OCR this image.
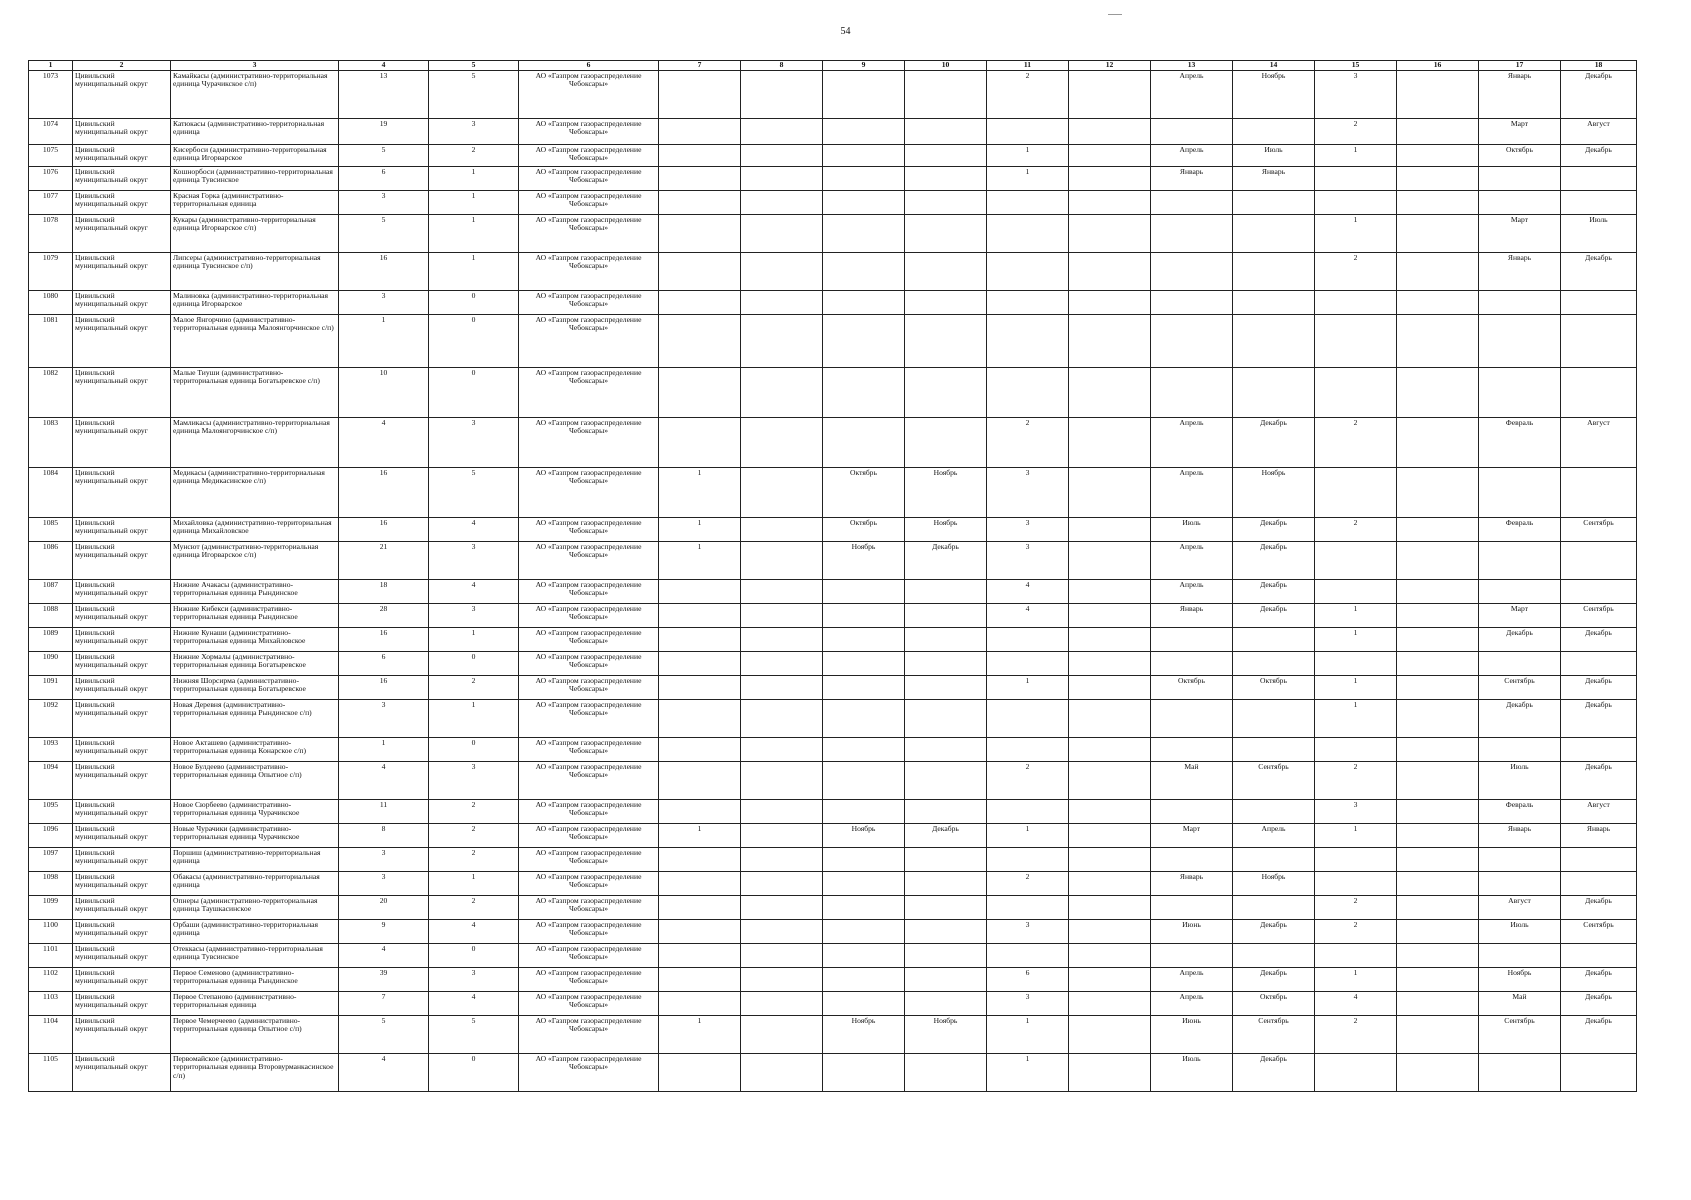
54
1	2	3	4	5	6	7	8	9	10	11	12	13	14	15	16	17	18
1073	Цивильский муниципальный округ	Камайкасы (административно-территориальная единица Чурачикское с/п)	13	5	АО «Газпром газораспределение Чебоксары»					2		Апрель	Ноябрь	3		Январь	Декабрь
1074	Цивильский муниципальный округ	Катюкасы (административно-территориальная единица	19	3	АО «Газпром газораспределение Чебоксары»									2		Март	Август
1075	Цивильский муниципальный округ	Кисербоси (административно-территориальная единица Игорварское	5	2	АО «Газпром газораспределение Чебоксары»					1		Апрель	Июль	1		Октябрь	Декабрь
1076	Цивильский муниципальный округ	Кошнорбоси (административно-территориальная единица Тувсинское	6	1	АО «Газпром газораспределение Чебоксары»					1		Январь	Январь				
1077	Цивильский муниципальный округ	Красная Горка (административно-территориальная единица	3	1	АО «Газпром газораспределение Чебоксары»												
1078	Цивильский муниципальный округ	Кукары (административно-территориальная единица Игорварское с/п)	5	1	АО «Газпром газораспределение Чебоксары»									1		Март	Июль
1079	Цивильский муниципальный округ	Липсеры (административно-территориальная единица Тувсинское с/п)	16	1	АО «Газпром газораспределение Чебоксары»									2		Январь	Декабрь
1080	Цивильский муниципальный округ	Малиновка (административно-территориальная единица Игорварское	3	0	АО «Газпром газораспределение Чебоксары»												
1081	Цивильский муниципальный округ	Малое Янгорчино (административно-территориальная единица Малоянгорчинское с/п)	1	0	АО «Газпром газораспределение Чебоксары»												
1082	Цивильский муниципальный округ	Малые Тиуши (административно-территориальная единица Богатыревское с/п)	10	0	АО «Газпром газораспределение Чебоксары»												
1083	Цивильский муниципальный округ	Мамликасы (административно-территориальная единица Малоянгорчинское с/п)	4	3	АО «Газпром газораспределение Чебоксары»					2		Апрель	Декабрь	2		Февраль	Август
1084	Цивильский муниципальный округ	Медикасы (административно-территориальная единица Медикасинское с/п)	16	5	АО «Газпром газораспределение Чебоксары»	1		Октябрь	Ноябрь	3		Апрель	Ноябрь				
1085	Цивильский муниципальный округ	Михайловка (административно-территориальная единица Михайловское	16	4	АО «Газпром газораспределение Чебоксары»	1		Октябрь	Ноябрь	3		Июль	Декабрь	2		Февраль	Сентябрь
1086	Цивильский муниципальный округ	Мунсют (административно-территориальная единица Игорварское с/п)	21	3	АО «Газпром газораспределение Чебоксары»	1		Ноябрь	Декабрь	3		Апрель	Декабрь				
1087	Цивильский муниципальный округ	Нижние Ачакасы (административно-территориальная единица Рындинское	18	4	АО «Газпром газораспределение Чебоксары»					4		Апрель	Декабрь				
1088	Цивильский муниципальный округ	Нижние Кибекси (административно-территориальная единица Рындинское	28	3	АО «Газпром газораспределение Чебоксары»					4		Январь	Декабрь	1		Март	Сентябрь
1089	Цивильский муниципальный округ	Нижние Кунаши (административно-территориальная единица Михайловское	16	1	АО «Газпром газораспределение Чебоксары»									1		Декабрь	Декабрь
1090	Цивильский муниципальный округ	Нижние Хормалы (административно-территориальная единица Богатыревское	6	0	АО «Газпром газораспределение Чебоксары»												
1091	Цивильский муниципальный округ	Нижняя Шорсирма (административно-территориальная единица Богатыревское	16	2	АО «Газпром газораспределение Чебоксары»					1		Октябрь	Октябрь	1		Сентябрь	Декабрь
1092	Цивильский муниципальный округ	Новая Деревня (административно-территориальная единица Рындинское с/п)	3	1	АО «Газпром газораспределение Чебоксары»									1		Декабрь	Декабрь
1093	Цивильский муниципальный округ	Новое Акташево (административно-территориальная единица Конарское с/п)	1	0	АО «Газпром газораспределение Чебоксары»												
1094	Цивильский муниципальный округ	Новое Булдеево (административно-территориальная единица Опытное с/п)	4	3	АО «Газпром газораспределение Чебоксары»					2		Май	Сентябрь	2		Июль	Декабрь
1095	Цивильский муниципальный округ	Новое Сюрбеево (административно-территориальная единица Чурачикское	11	2	АО «Газпром газораспределение Чебоксары»									3		Февраль	Август
1096	Цивильский муниципальный округ	Новые Чурачики (административно-территориальная единица Чурачикское	8	2	АО «Газпром газораспределение Чебоксары»	1		Ноябрь	Декабрь	1		Март	Апрель	1		Январь	Январь
1097	Цивильский муниципальный округ	Поршиш (административно-территориальная единица	3	2	АО «Газпром газораспределение Чебоксары»												
1098	Цивильский муниципальный округ	Обакасы (административно-территориальная единица	3	1	АО «Газпром газораспределение Чебоксары»					2		Январь	Ноябрь				
1099	Цивильский муниципальный округ	Опнеры (административно-территориальная единица Таушкасинское	20	2	АО «Газпром газораспределение Чебоксары»									2		Август	Декабрь
1100	Цивильский муниципальный округ	Орбаши (административно-территориальная единица	9	4	АО «Газпром газораспределение Чебоксары»					3		Июнь	Декабрь	2		Июль	Сентябрь
1101	Цивильский муниципальный округ	Отеккасы (административно-территориальная единица Тувсинское	4	0	АО «Газпром газораспределение Чебоксары»												
1102	Цивильский муниципальный округ	Первое Семеново (административно-территориальная единица Рындинское	39	3	АО «Газпром газораспределение Чебоксары»					6		Апрель	Декабрь	1		Ноябрь	Декабрь
1103	Цивильский муниципальный округ	Первое Степаново (административно-территориальная единица	7	4	АО «Газпром газораспределение Чебоксары»					3		Апрель	Октябрь	4		Май	Декабрь
1104	Цивильский муниципальный округ	Первое Чемерчеево (административно-территориальная единица Опытное с/п)	5	5	АО «Газпром газораспределение Чебоксары»	1		Ноябрь	Ноябрь	1		Июнь	Сентябрь	2		Сентябрь	Декабрь
1105	Цивильский муниципальный округ	Первомайское (административно-территориальная единица Второвурманкасинское с/п)	4	0	АО «Газпром газораспределение Чебоксары»					1		Июль	Декабрь				
